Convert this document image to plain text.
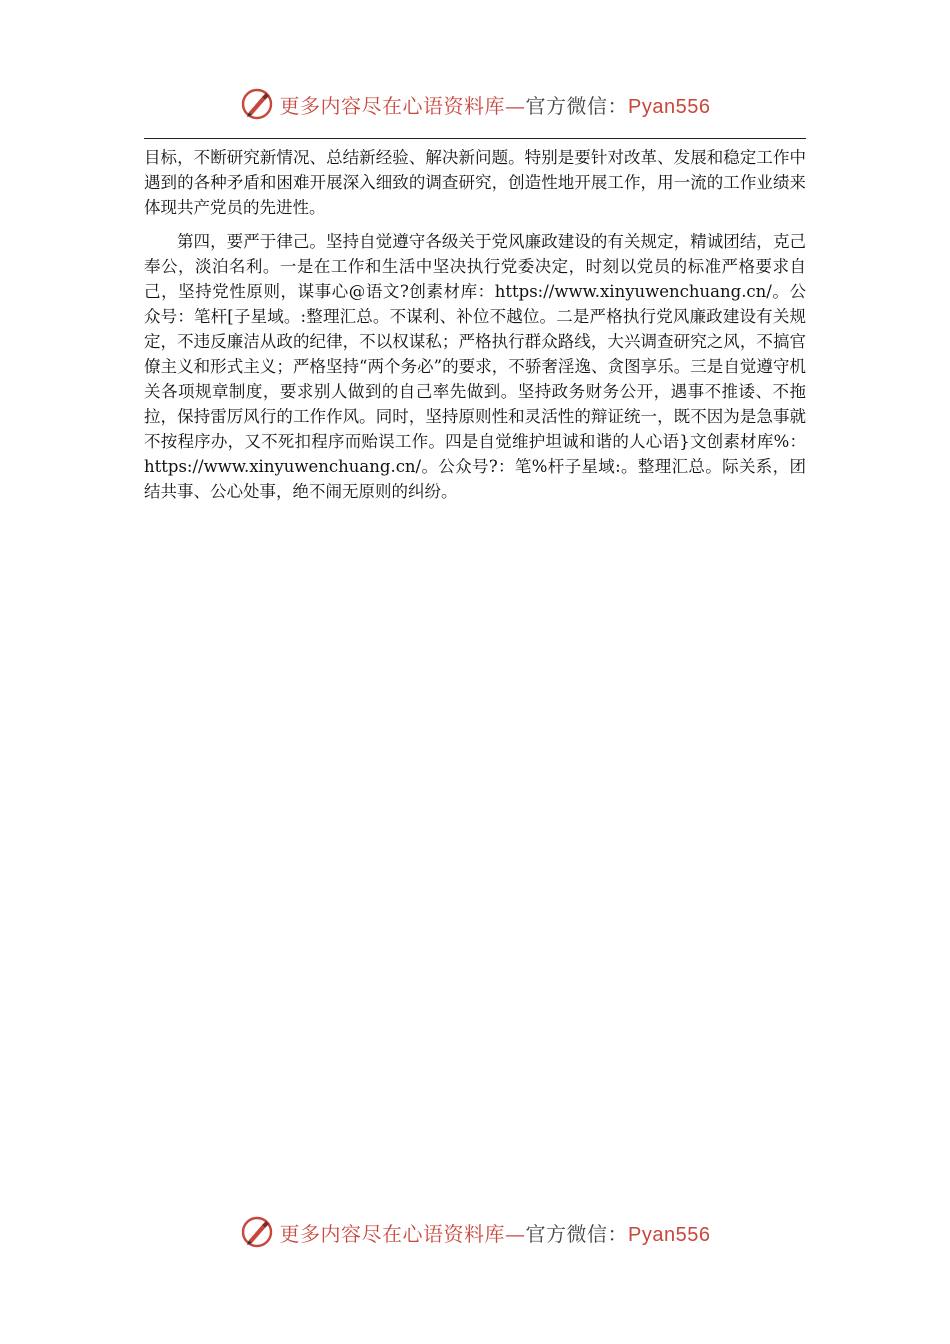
更多内容尽在心语资料库—官方微信：Pyan556

目标，不断研究新情况、总结新经验、解决新问题。特别是要针对改革、发展和稳定工作中遇到的各种矛盾和困难开展深入细致的调查研究，创造性地开展工作，用一流的工作业绩来体现共产党员的先进性。

第四，要严于律己。坚持自觉遵守各级关于党风廉政建设的有关规定，精诚团结，克己奉公，淡泊名利。一是在工作和生活中坚决执行党委决定，时刻以党员的标准严格要求自己，坚持党性原则，谋事心@语文?创素材库：https://www.xinyuwenchuang.cn/。公众号：笔杆[子星域。:整理汇总。不谋利、补位不越位。二是严格执行党风廉政建设有关规定，不违反廉洁从政的纪律，不以权谋私；严格执行群众路线，大兴调查研究之风，不搞官僚主义和形式主义；严格坚持“两个务必”的要求，不骄奢淫逸、贪图享乐。三是自觉遵守机关各项规章制度，要求别人做到的自己率先做到。坚持政务财务公开，遇事不推诿、不拖拉，保持雷厉风行的工作作风。同时，坚持原则性和灵活性的辩证统一，既不因为是急事就不按程序办，又不死扣程序而贻误工作。四是自觉维护坦诚和谐的人心语}文创素材库%：https://www.xinyuwenchuang.cn/。公众号?：笔%杆子星域:。整理汇总。际关系，团结共事、公心处事，绝不闹无原则的纠纷。

更多内容尽在心语资料库—官方微信：Pyan556
